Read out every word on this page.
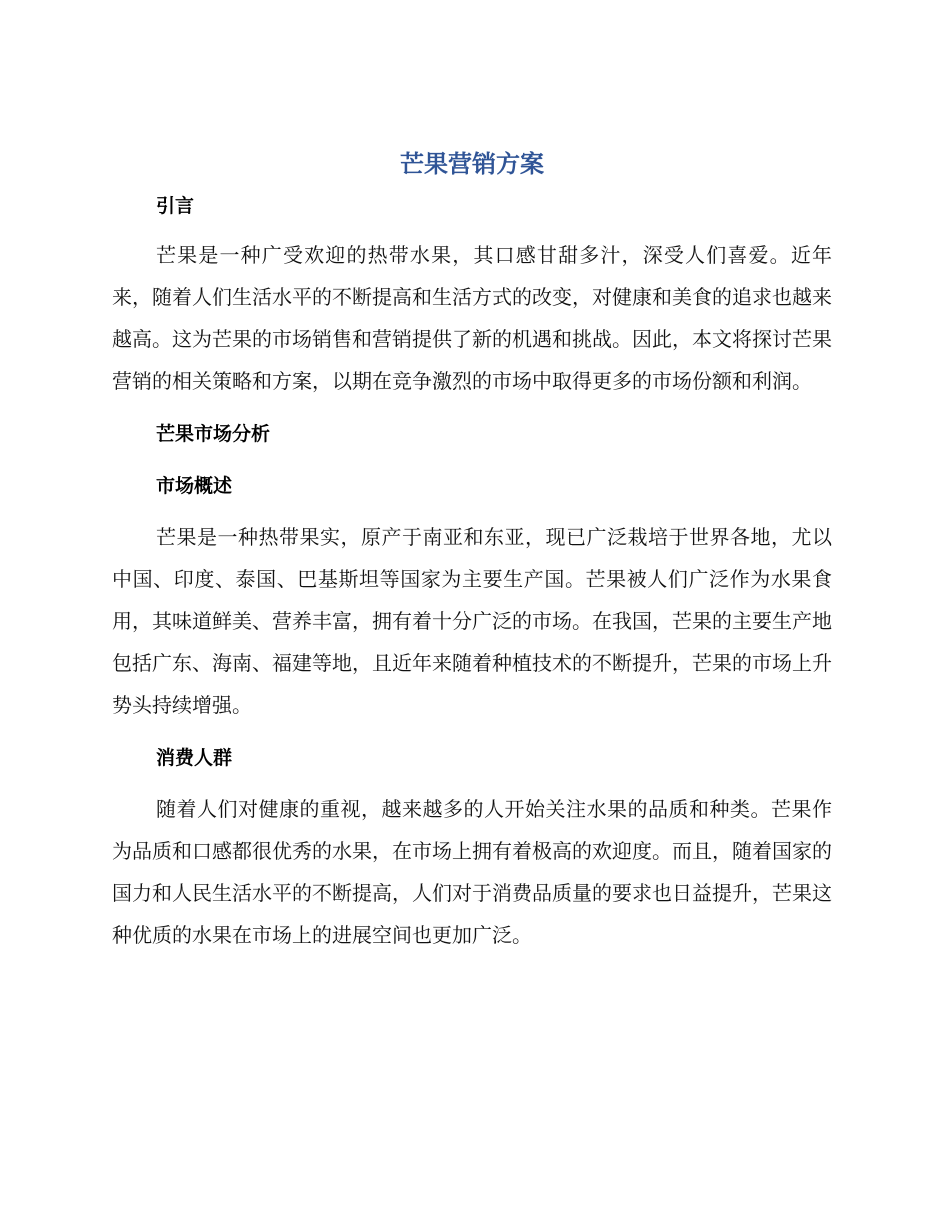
芒果营销方案
引言

芒果是一种广受欢迎的热带水果，其口感甘甜多汁，深受人们喜爱。近年来，随着人们生活水平的不断提高和生活方式的改变，对健康和美食的追求也越来越高。这为芒果的市场销售和营销提供了新的机遇和挑战。因此，本文将探讨芒果营销的相关策略和方案，以期在竞争激烈的市场中取得更多的市场份额和利润。

芒果市场分析
市场概述

芒果是一种热带果实，原产于南亚和东亚，现已广泛栽培于世界各地，尤以中国、印度、泰国、巴基斯坦等国家为主要生产国。芒果被人们广泛作为水果食用，其味道鲜美、营养丰富，拥有着十分广泛的市场。在我国，芒果的主要生产地包括广东、海南、福建等地，且近年来随着种植技术的不断提升，芒果的市场上升势头持续增强。

消费人群

随着人们对健康的重视，越来越多的人开始关注水果的品质和种类。芒果作为品质和口感都很优秀的水果，在市场上拥有着极高的欢迎度。而且，随着国家的国力和人民生活水平的不断提高，人们对于消费品质量的要求也日益提升，芒果这种优质的水果在市场上的进展空间也更加广泛。
